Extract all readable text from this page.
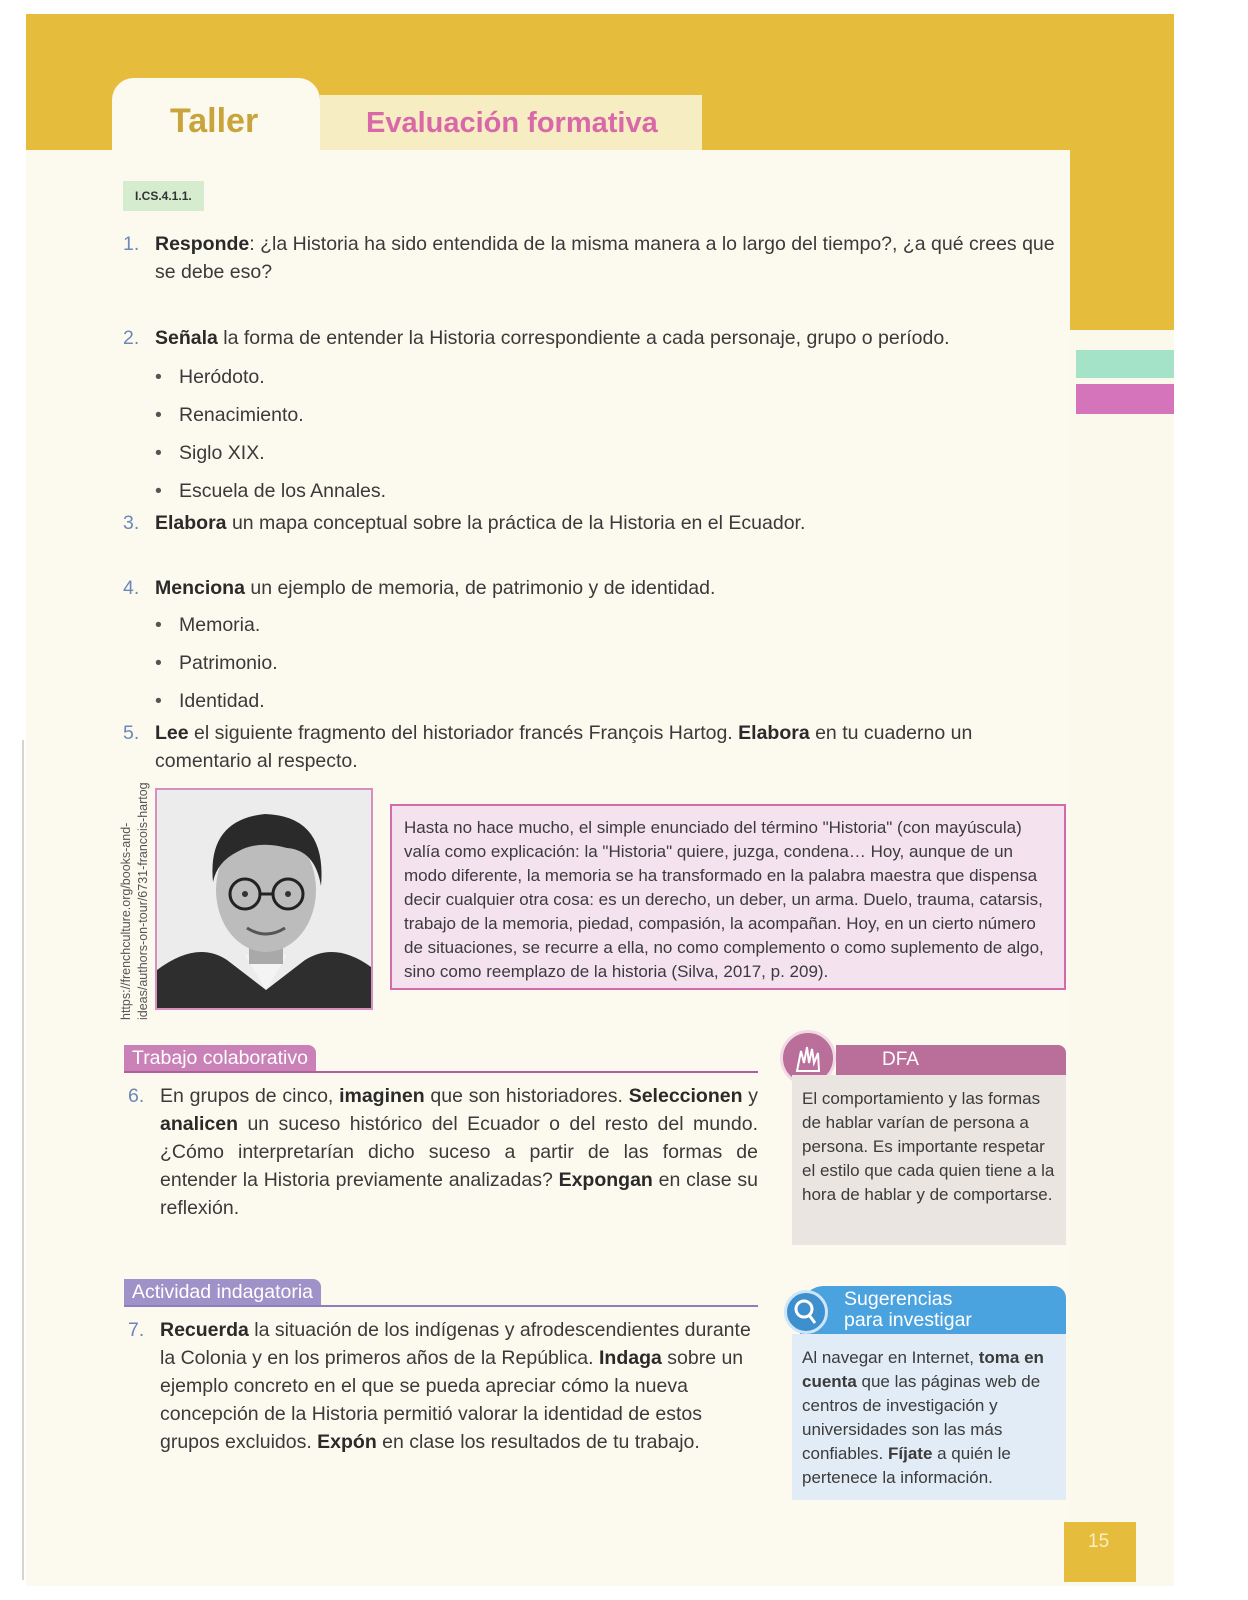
Taller	Evaluación formativa
I.CS.4.1.1.
1. Responde: ¿la Historia ha sido entendida de la misma manera a lo largo del tiempo?, ¿a qué crees que se debe eso?
2. Señala la forma de entender la Historia correspondiente a cada personaje, grupo o período.
• Heródoto.
• Renacimiento.
• Siglo XIX.
• Escuela de los Annales.
3. Elabora un mapa conceptual sobre la práctica de la Historia en el Ecuador.
4. Menciona un ejemplo de memoria, de patrimonio y de identidad.
• Memoria.
• Patrimonio.
• Identidad.
5. Lee el siguiente fragmento del historiador francés François Hartog. Elabora en tu cuaderno un comentario al respecto.
https://frenchculture.org/books-and-ideas/authors-on-tour/6731-francois-hartog	Hasta no hace mucho, el simple enunciado del término "Historia" (con mayúscula) valía como explicación: la "Historia" quiere, juzga, condena… Hoy, aunque de un modo diferente, la memoria se ha transformado en la palabra maestra que dispensa decir cualquier otra cosa: es un derecho, un deber, un arma. Duelo, trauma, catarsis, trabajo de la memoria, piedad, compasión, la acompañan. Hoy, en un cierto número de situaciones, se recurre a ella, no como complemento o como suplemento de algo, sino como reemplazo de la historia (Silva, 2017, p. 209).
Trabajo colaborativo
6. En grupos de cinco, imaginen que son historiadores. Seleccionen y analicen un suceso histórico del Ecuador o del resto del mundo. ¿Cómo interpretarían dicho suceso a partir de las formas de entender la Historia previamente analizadas? Expongan en clase su reflexión.
Actividad indagatoria
7. Recuerda la situación de los indígenas y afrodescendientes durante la Colonia y en los primeros años de la República. Indaga sobre un ejemplo concreto en el que se pueda apreciar cómo la nueva concepción de la Historia permitió valorar la identidad de estos grupos excluidos. Expón en clase los resultados de tu trabajo.
DFA
El comportamiento y las formas de hablar varían de persona a persona. Es importante respetar el estilo que cada quien tiene a la hora de hablar y de comportarse.
Sugerencias
para investigar
Al navegar en Internet, toma en cuenta que las páginas web de centros de investigación y universidades son las más confiables. Fíjate a quién le pertenece la información.
15
